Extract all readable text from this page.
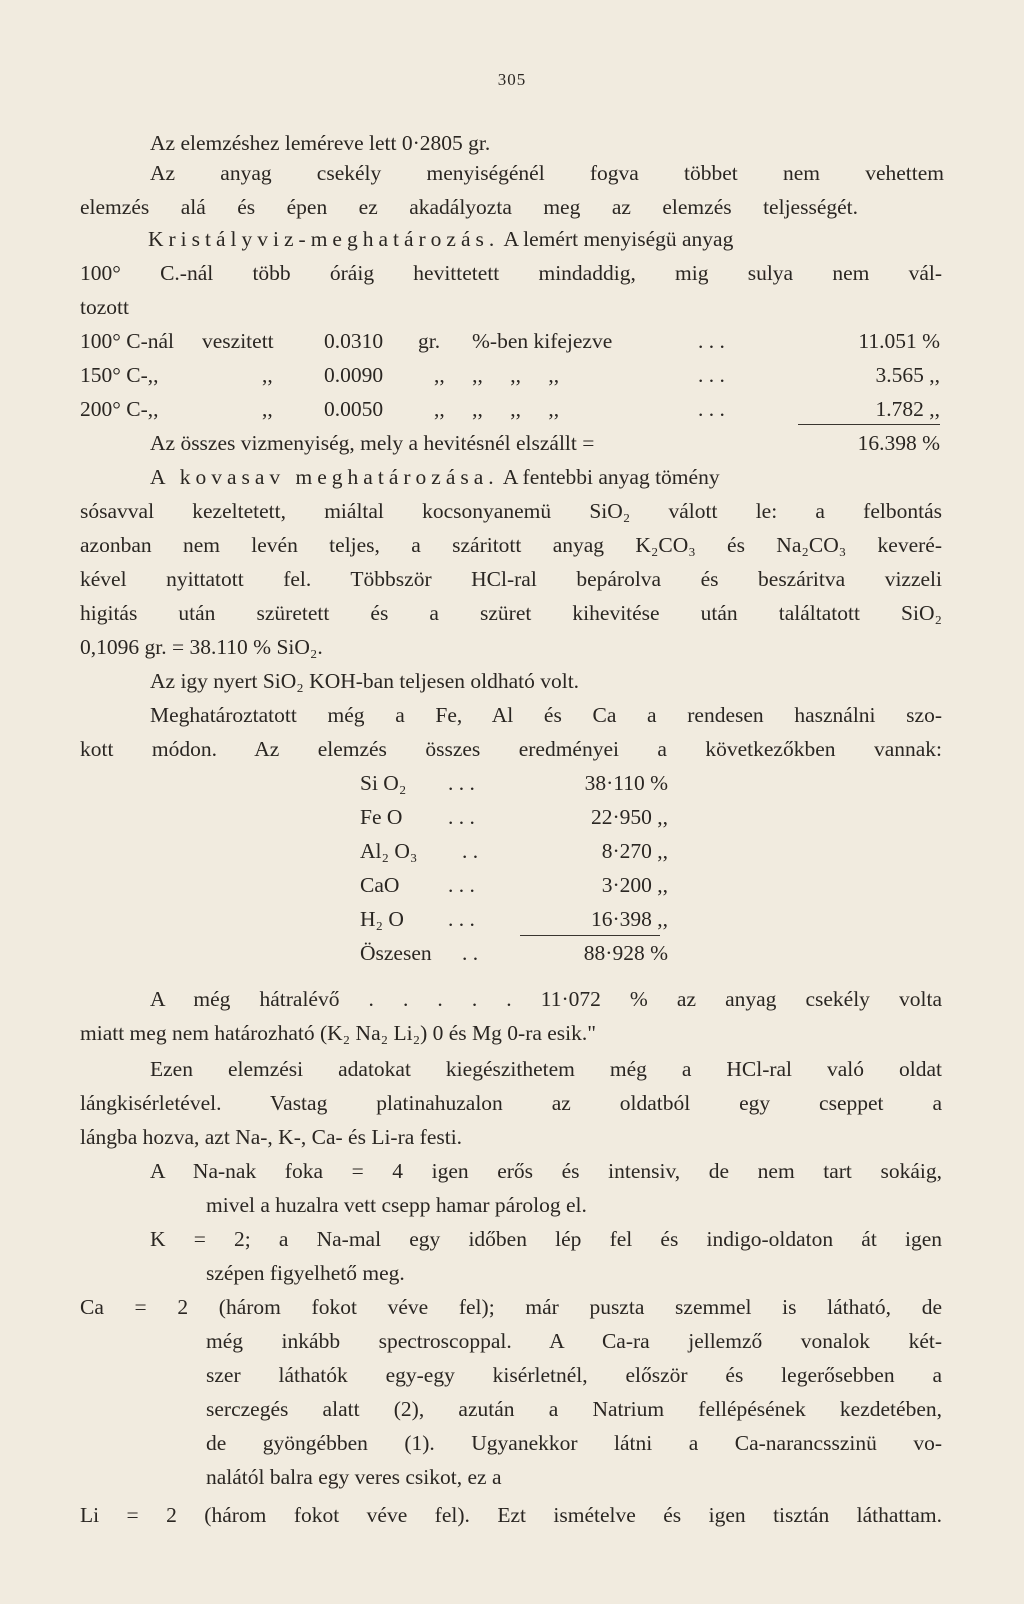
305
Az elemzéshez leméreve lett 0·2805 gr.
Az anyag csekély menyiségénél fogva többet nem vehettem
elemzés alá és épen ez akadályozta meg az elemzés teljességét.
Kristályviz-meghatározás. A lemért menyiségü anyag
100° C.-nál több óráig hevittetett mindaddig, mig sulya nem vál-
tozott
100° C-nál veszitett 0.0310 gr. %-ben kifejezve	. . .	11.051 %
150° C-,,	,, 0.0090 ,, ,, ,, ,,	. . .	3.565 ,,
200° C-,,	,, 0.0050 ,, ,, ,, ,,	. . .	1.782 ,,
Az összes vizmenyiség, mely a hevitésnél elszállt =	16.398 %
A kovasav meghatározása. A fentebbi anyag tömény
sósavval kezeltetett, miáltal kocsonyanemü SiO₂ válott le: a felbontás
azonban nem levén teljes, a száritott anyag K₂CO₃ és Na₂CO₃ keveré-
kével nyittatott fel. Többször HCl-ral bepárolva és beszáritva vizzeli
higitás után szüretett és a szüret kihevitése után találtatott SiO₂
0,1096 gr. = 38.110 % SiO₂.
Az igy nyert SiO₂ KOH-ban teljesen oldható volt.
Meghatároztatott még a Fe, Al és Ca a rendesen használni szo-
kott módon. Az elemzés összes eredményei a következőkben vannak:
Si O₂ . . .	38·110 %
Fe O . . .	22·950 ,,
Al₂ O₃ . .	8·270 ,,
CaO . . .	3·200 ,,
H₂ O . . .	16·398 ,,
Öszesen . .	88·928 %
A még hátralévő . . . . . 11·072 % az anyag csekély volta
miatt meg nem határozható (K₂ Na₂ Li₂) 0 és Mg 0-ra esik."
Ezen elemzési adatokat kiegészithetem még a HCl-ral való oldat
lángkisérletével. Vastag platinahuzalon az oldatból egy cseppet a
lángba hozva, azt Na-, K-, Ca- és Li-ra festi.
A Na-nak foka = 4 igen erős és intensiv, de nem tart sokáig,
mivel a huzalra vett csepp hamar párolog el.
K = 2; a Na-mal egy időben lép fel és indigo-oldaton át igen
szépen figyelhető meg.
Ca = 2 (három fokot véve fel); már puszta szemmel is látható, de
még inkább spectroscoppal. A Ca-ra jellemző vonalok két-
szer láthatók egy-egy kisérletnél, először és legerősebben a
serczegés alatt (2), azután a Natrium fellépésének kezdetében,
de gyöngébben (1). Ugyanekkor látni a Ca-narancsszinü vo-
nalától balra egy veres csikot, ez a
Li = 2 (három fokot véve fel). Ezt ismételve és igen tisztán láthattam.
